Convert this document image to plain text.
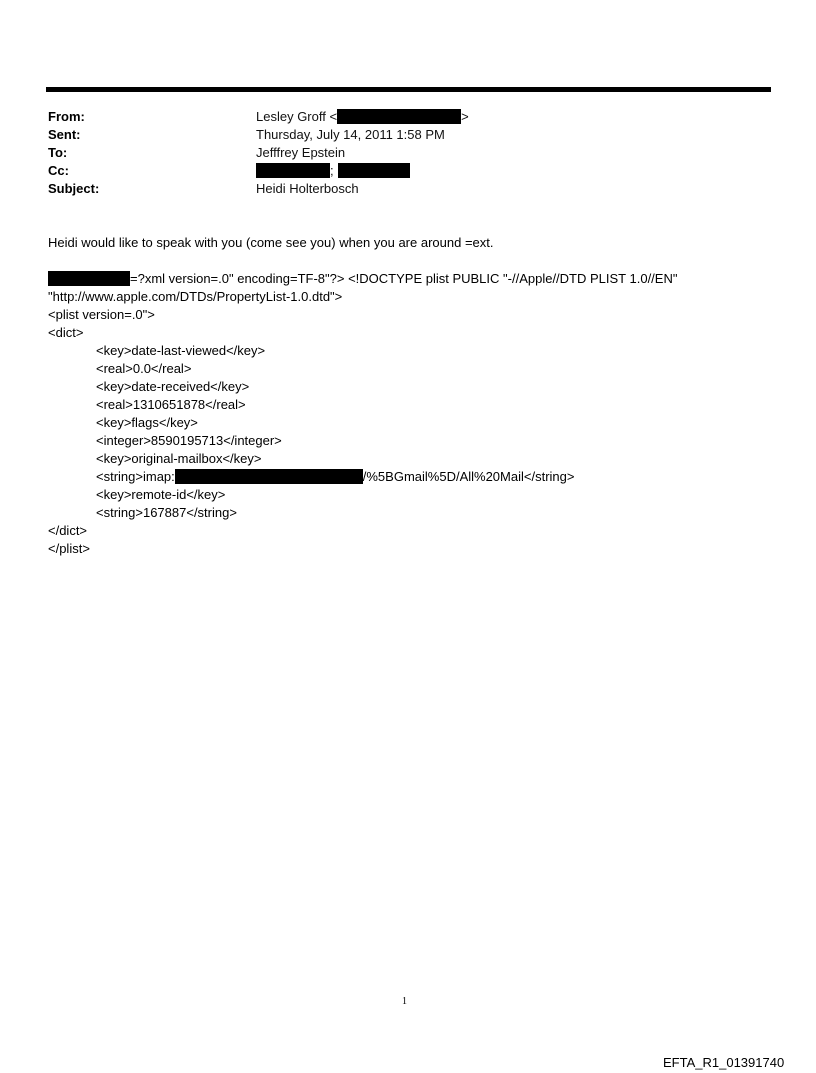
From:	Lesley Groff <	>
Sent:	Thursday, July 14, 2011 1:58 PM
To:	Jefffrey Epstein
Cc:	;
Subject:	Heidi Holterbosch
Heidi would like to speak with you (come see you) when you are around =ext.
=?xml version=.0" encoding=TF-8"?> <!DOCTYPE plist PUBLIC "-//Apple//DTD PLIST 1.0//EN"
"http://www.apple.com/DTDs/PropertyList-1.0.dtd">
<plist version=.0">
<dict>
<key>date-last-viewed</key>
<real>0.0</real>
<key>date-received</key>
<real>1310651878</real>
<key>flags</key>
<integer>8590195713</integer>
<key>original-mailbox</key>
<string>imap:	/%5BGmail%5D/All%20Mail</string>
<key>remote-id</key>
<string>167887</string>
</dict>
</plist>
1
EFTA_R1_01391740
